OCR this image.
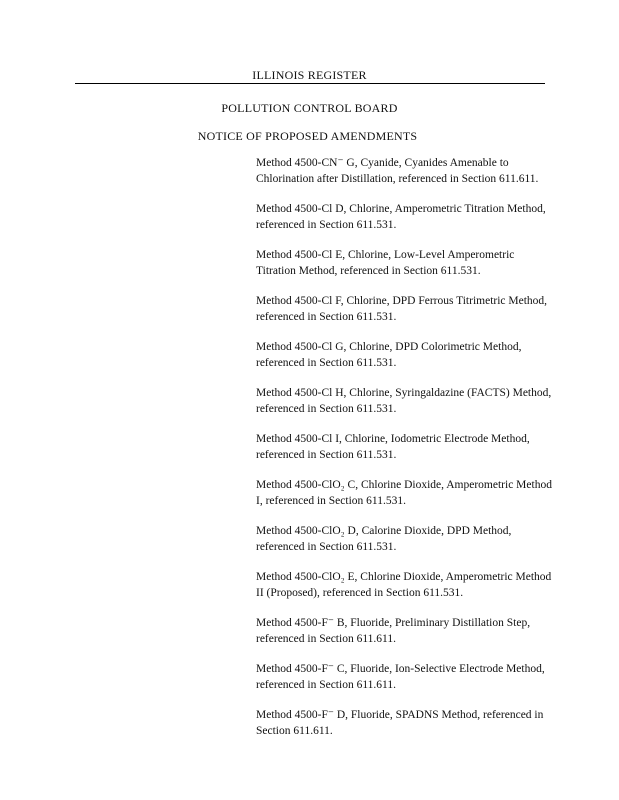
ILLINOIS REGISTER
POLLUTION CONTROL BOARD
NOTICE OF PROPOSED AMENDMENTS

Method 4500-CN⁻ G, Cyanide, Cyanides Amenable to Chlorination after Distillation, referenced in Section 611.611.

Method 4500-Cl D, Chlorine, Amperometric Titration Method, referenced in Section 611.531.

Method 4500-Cl E, Chlorine, Low-Level Amperometric Titration Method, referenced in Section 611.531.

Method 4500-Cl F, Chlorine, DPD Ferrous Titrimetric Method, referenced in Section 611.531.

Method 4500-Cl G, Chlorine, DPD Colorimetric Method, referenced in Section 611.531.

Method 4500-Cl H, Chlorine, Syringaldazine (FACTS) Method, referenced in Section 611.531.

Method 4500-Cl I, Chlorine, Iodometric Electrode Method, referenced in Section 611.531.

Method 4500-ClO₂ C, Chlorine Dioxide, Amperometric Method I, referenced in Section 611.531.

Method 4500-ClO₂ D, Calorine Dioxide, DPD Method, referenced in Section 611.531.

Method 4500-ClO₂ E, Chlorine Dioxide, Amperometric Method II (Proposed), referenced in Section 611.531.

Method 4500-F⁻ B, Fluoride, Preliminary Distillation Step, referenced in Section 611.611.

Method 4500-F⁻ C, Fluoride, Ion-Selective Electrode Method, referenced in Section 611.611.

Method 4500-F⁻ D, Fluoride, SPADNS Method, referenced in Section 611.611.
